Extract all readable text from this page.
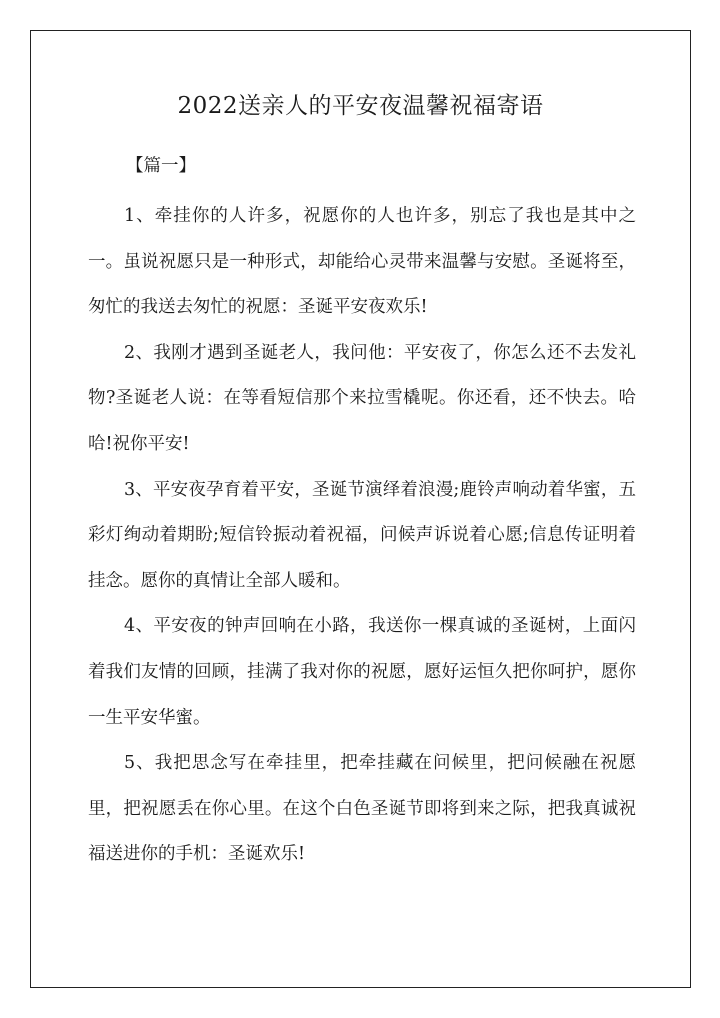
2022送亲人的平安夜温馨祝福寄语

【篇一】

1、牵挂你的人许多，祝愿你的人也许多，别忘了我也是其中之一。虽说祝愿只是一种形式，却能给心灵带来温馨与安慰。圣诞将至，匆忙的我送去匆忙的祝愿：圣诞平安夜欢乐!

2、我刚才遇到圣诞老人，我问他：平安夜了，你怎么还不去发礼物?圣诞老人说：在等看短信那个来拉雪橇呢。你还看，还不快去。哈哈!祝你平安!

3、平安夜孕育着平安，圣诞节演绎着浪漫;鹿铃声响动着华蜜，五彩灯绚动着期盼;短信铃振动着祝福，问候声诉说着心愿;信息传证明着挂念。愿你的真情让全部人暖和。

4、平安夜的钟声回响在小路，我送你一棵真诚的圣诞树，上面闪着我们友情的回顾，挂满了我对你的祝愿，愿好运恒久把你呵护，愿你一生平安华蜜。

5、我把思念写在牵挂里，把牵挂藏在问候里，把问候融在祝愿里，把祝愿丢在你心里。在这个白色圣诞节即将到来之际，把我真诚祝福送进你的手机：圣诞欢乐!
